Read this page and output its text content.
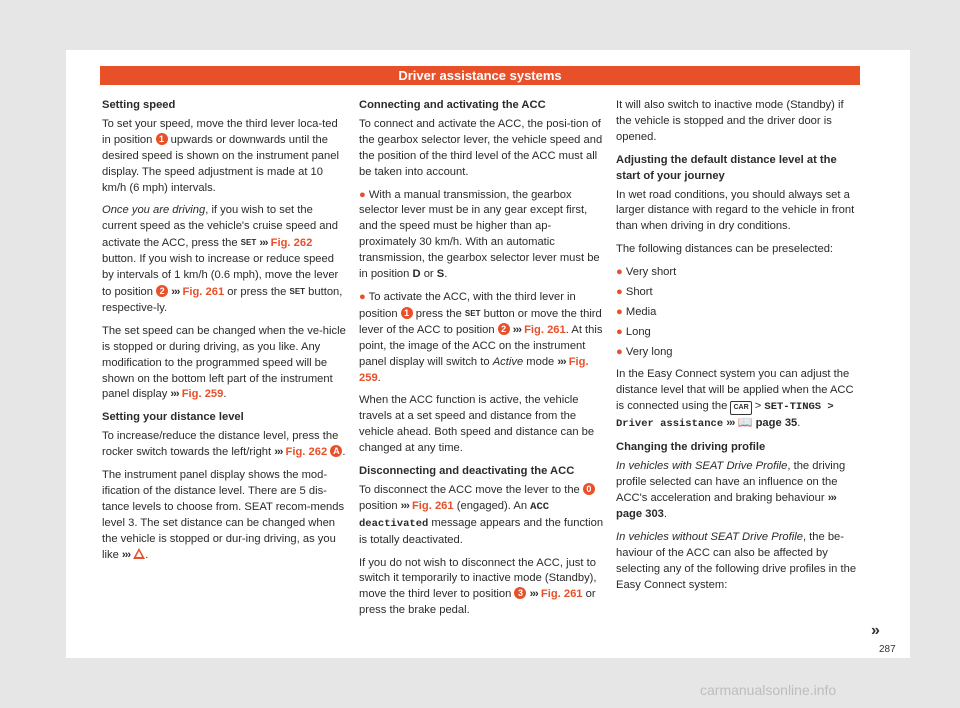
Driver assistance systems

Setting speed

To set your speed, move the third lever loca-ted in position 1 upwards or downwards until the desired speed is shown on the instrument panel display. The speed adjustment is made at 10 km/h (6 mph) intervals.

Once you are driving, if you wish to set the current speed as the vehicle's cruise speed and activate the ACC, press the SET ››› Fig. 262 button. If you wish to increase or reduce speed by intervals of 1 km/h (0.6 mph), move the lever to position 2 ››› Fig. 261 or press the SET button, respective-ly.

The set speed can be changed when the ve-hicle is stopped or during driving, as you like. Any modification to the programmed speed will be shown on the bottom left part of the instrument panel display ››› Fig. 259.

Setting your distance level

To increase/reduce the distance level, press the rocker switch towards the left/right ››› Fig. 262 A .

The instrument panel display shows the mod-ification of the distance level. There are 5 dis-tance levels to choose from. SEAT recom-mends level 3. The set distance can be changed when the vehicle is stopped or dur-ing driving, as you like ››› .

Connecting and activating the ACC

To connect and activate the ACC, the posi-tion of the gearbox selector lever, the vehicle speed and the position of the third level of the ACC must all be taken into account.

● With a manual transmission, the gearbox selector lever must be in any gear except first, and the speed must be higher than ap-proximately 30 km/h. With an automatic transmission, the gearbox selector lever must be in position D or S.

● To activate the ACC, with the third lever in position 1 press the SET button or move the third lever of the ACC to position 2 ››› Fig. 261. At this point, the image of the ACC on the instrument panel display will switch to Active mode ››› Fig. 259.

When the ACC function is active, the vehicle travels at a set speed and distance from the vehicle ahead. Both speed and distance can be changed at any time.

Disconnecting and deactivating the ACC

To disconnect the ACC move the lever to the 0 position ››› Fig. 261 (engaged). An ACC deactivated message appears and the function is totally deactivated.

If you do not wish to disconnect the ACC, just to switch it temporarily to inactive mode (Standby), move the third lever to position 3 ››› Fig. 261 or press the brake pedal.

It will also switch to inactive mode (Standby) if the vehicle is stopped and the driver door is opened.

Adjusting the default distance level at the start of your journey

In wet road conditions, you should always set a larger distance with regard to the vehicle in front than when driving in dry conditions.

The following distances can be preselected:

● Very short
● Short
● Media
● Long
● Very long

In the Easy Connect system you can adjust the distance level that will be applied when the ACC is connected using the CAR > SET-TINGS > Driver assistance ››› 📖 page 35.

Changing the driving profile

In vehicles with SEAT Drive Profile, the driving profile selected can have an influence on the ACC's acceleration and braking behaviour ››› page 303.

In vehicles without SEAT Drive Profile, the be-haviour of the ACC can also be affected by selecting any of the following drive profiles in the Easy Connect system:

»
287
carmanualsonline.info
